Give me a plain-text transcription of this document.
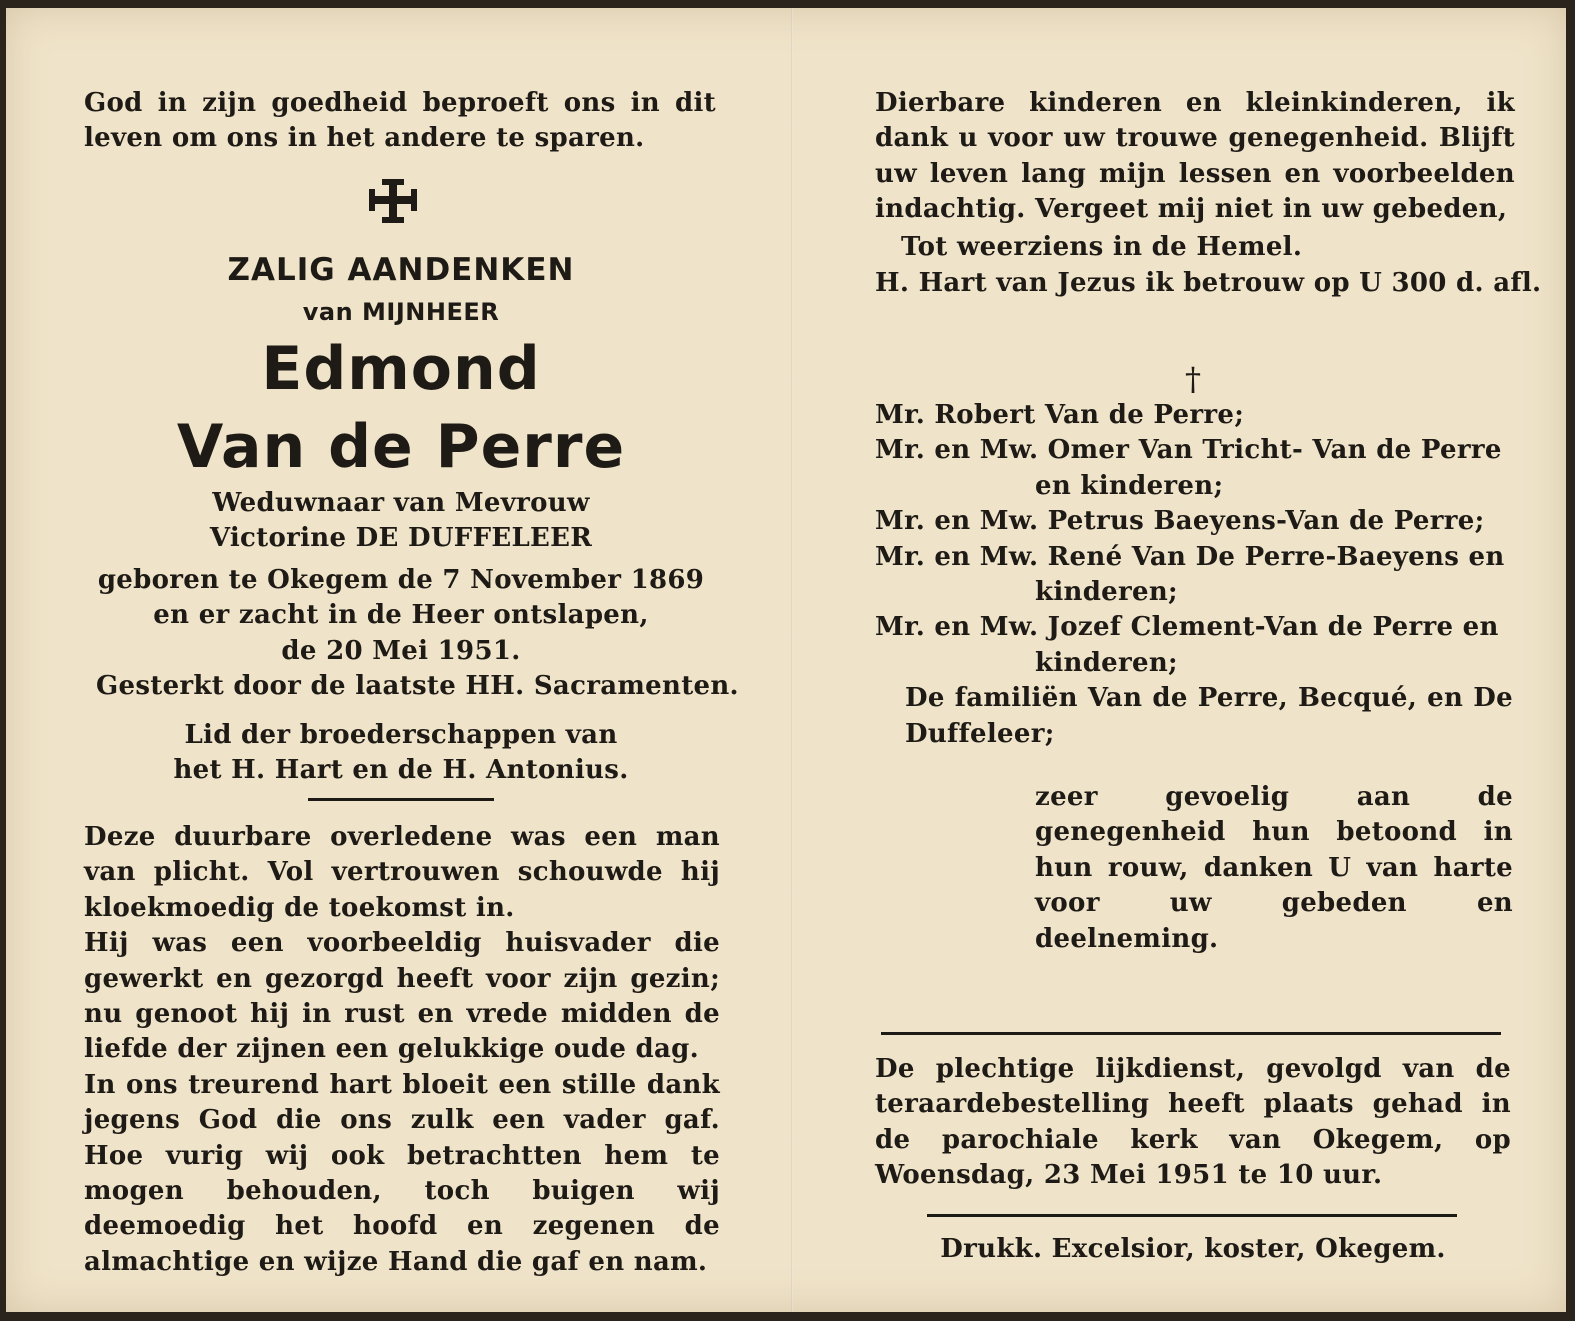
God in zijn goedheid beproeft ons in dit leven om ons in het andere te sparen.
ZALIG AANDENKEN
van MIJNHEER
Edmond
Van de Perre
Weduwnaar van Mevrouw
Victorine DE DUFFELEER
geboren te Okegem de 7 November 1869
en er zacht in de Heer ontslapen,
de 20 Mei 1951.
Gesterkt door de laatste HH. Sacramenten.
Lid der broederschappen van het H. Hart en de H. Antonius.
Deze duurbare overledene was een man van plicht. Vol vertrouwen schouwde hij kloekmoedig de toekomst in.
Hij was een voorbeeldig huisvader die gewerkt en gezorgd heeft voor zijn gezin; nu genoot hij in rust en vrede midden de liefde der zijnen een gelukkige oude dag.
In ons treurend hart bloeit een stille dank jegens God die ons zulk een vader gaf. Hoe vurig wij ook betrachtten hem te mogen behouden, toch buigen wij deemoedig het hoofd en zegenen de almachtige en wijze Hand die gaf en nam.
Dierbare kinderen en kleinkinderen, ik dank u voor uw trouwe genegenheid. Blijft uw leven lang mijn lessen en voorbeelden indachtig. Vergeet mij niet in uw gebeden,
Tot weerziens in de Hemel.
H. Hart van Jezus ik betrouw op U 300 d. afl.
†
Mr. Robert Van de Perre;
Mr. en Mw. Omer Van Tricht- Van de Perre
en kinderen;
Mr. en Mw. Petrus Baeyens-Van de Perre;
Mr. en Mw. René Van De Perre-Baeyens en
kinderen;
Mr. en Mw. Jozef Clement-Van de Perre en
kinderen;
De familiën Van de Perre, Becqué, en De Duffeleer;
zeer gevoelig aan de genegenheid hun betoond in hun rouw, danken U van harte voor uw gebeden en deelneming.
De plechtige lijkdienst, gevolgd van de teraardebestelling heeft plaats gehad in de parochiale kerk van Okegem, op Woensdag, 23 Mei 1951 te 10 uur.
Drukk. Excelsior, koster, Okegem.
